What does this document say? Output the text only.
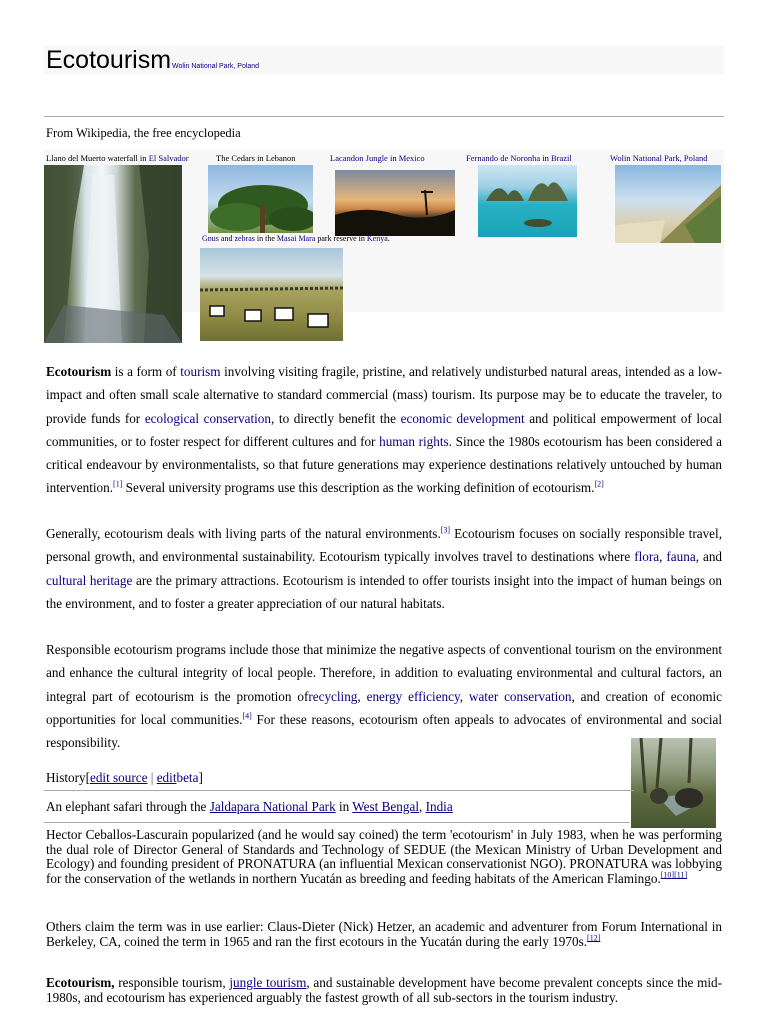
EcotourismWolin National Park, Poland
From Wikipedia, the free encyclopedia
Llano del Muerto waterfall in El Salvador	The Cedars in Lebanon	Lacandon Jungle in Mexico	Fernando de Noronha in Brazil	Wolin National Park, Poland
Gnus and zebras in the Masai Mara park reserve in Kenya.
Ecotourism is a form of tourism involving visiting fragile, pristine, and relatively undisturbed natural areas, intended as a low-impact and often small scale alternative to standard commercial (mass) tourism. Its purpose may be to educate the traveler, to provide funds for ecological conservation, to directly benefit the economic development and political empowerment of local communities, or to foster respect for different cultures and for human rights. Since the 1980s ecotourism has been considered a critical endeavour by environmentalists, so that future generations may experience destinations relatively untouched by human intervention.[1] Several university programs use this description as the working definition of ecotourism.[2]
Generally, ecotourism deals with living parts of the natural environments.[3] Ecotourism focuses on socially responsible travel, personal growth, and environmental sustainability. Ecotourism typically involves travel to destinations where flora, fauna, and cultural heritage are the primary attractions. Ecotourism is intended to offer tourists insight into the impact of human beings on the environment, and to foster a greater appreciation of our natural habitats.
Responsible ecotourism programs include those that minimize the negative aspects of conventional tourism on the environment and enhance the cultural integrity of local people. Therefore, in addition to evaluating environmental and cultural factors, an integral part of ecotourism is the promotion ofrecycling, energy efficiency, water conservation, and creation of economic opportunities for local communities.[4] For these reasons, ecotourism often appeals to advocates of environmental and social responsibility.
History[edit source | editbeta]
An elephant safari through the Jaldapara National Park in West Bengal, India
Hector Ceballos-Lascurain popularized (and he would say coined) the term 'ecotourism' in July 1983, when he was performing the dual role of Director General of Standards and Technology of SEDUE (the Mexican Ministry of Urban Development and Ecology) and founding president of PRONATURA (an influential Mexican conservationist NGO). PRONATURA was lobbying for the conservation of the wetlands in northern Yucatán as breeding and feeding habitats of the American Flamingo.[10][11]
Others claim the term was in use earlier: Claus-Dieter (Nick) Hetzer, an academic and adventurer from Forum International in Berkeley, CA, coined the term in 1965 and ran the first ecotours in the Yucatán during the early 1970s.[12]
Ecotourism, responsible tourism, jungle tourism, and sustainable development have become prevalent concepts since the mid-1980s, and ecotourism has experienced arguably the fastest growth of all sub-sectors in the tourism industry.
